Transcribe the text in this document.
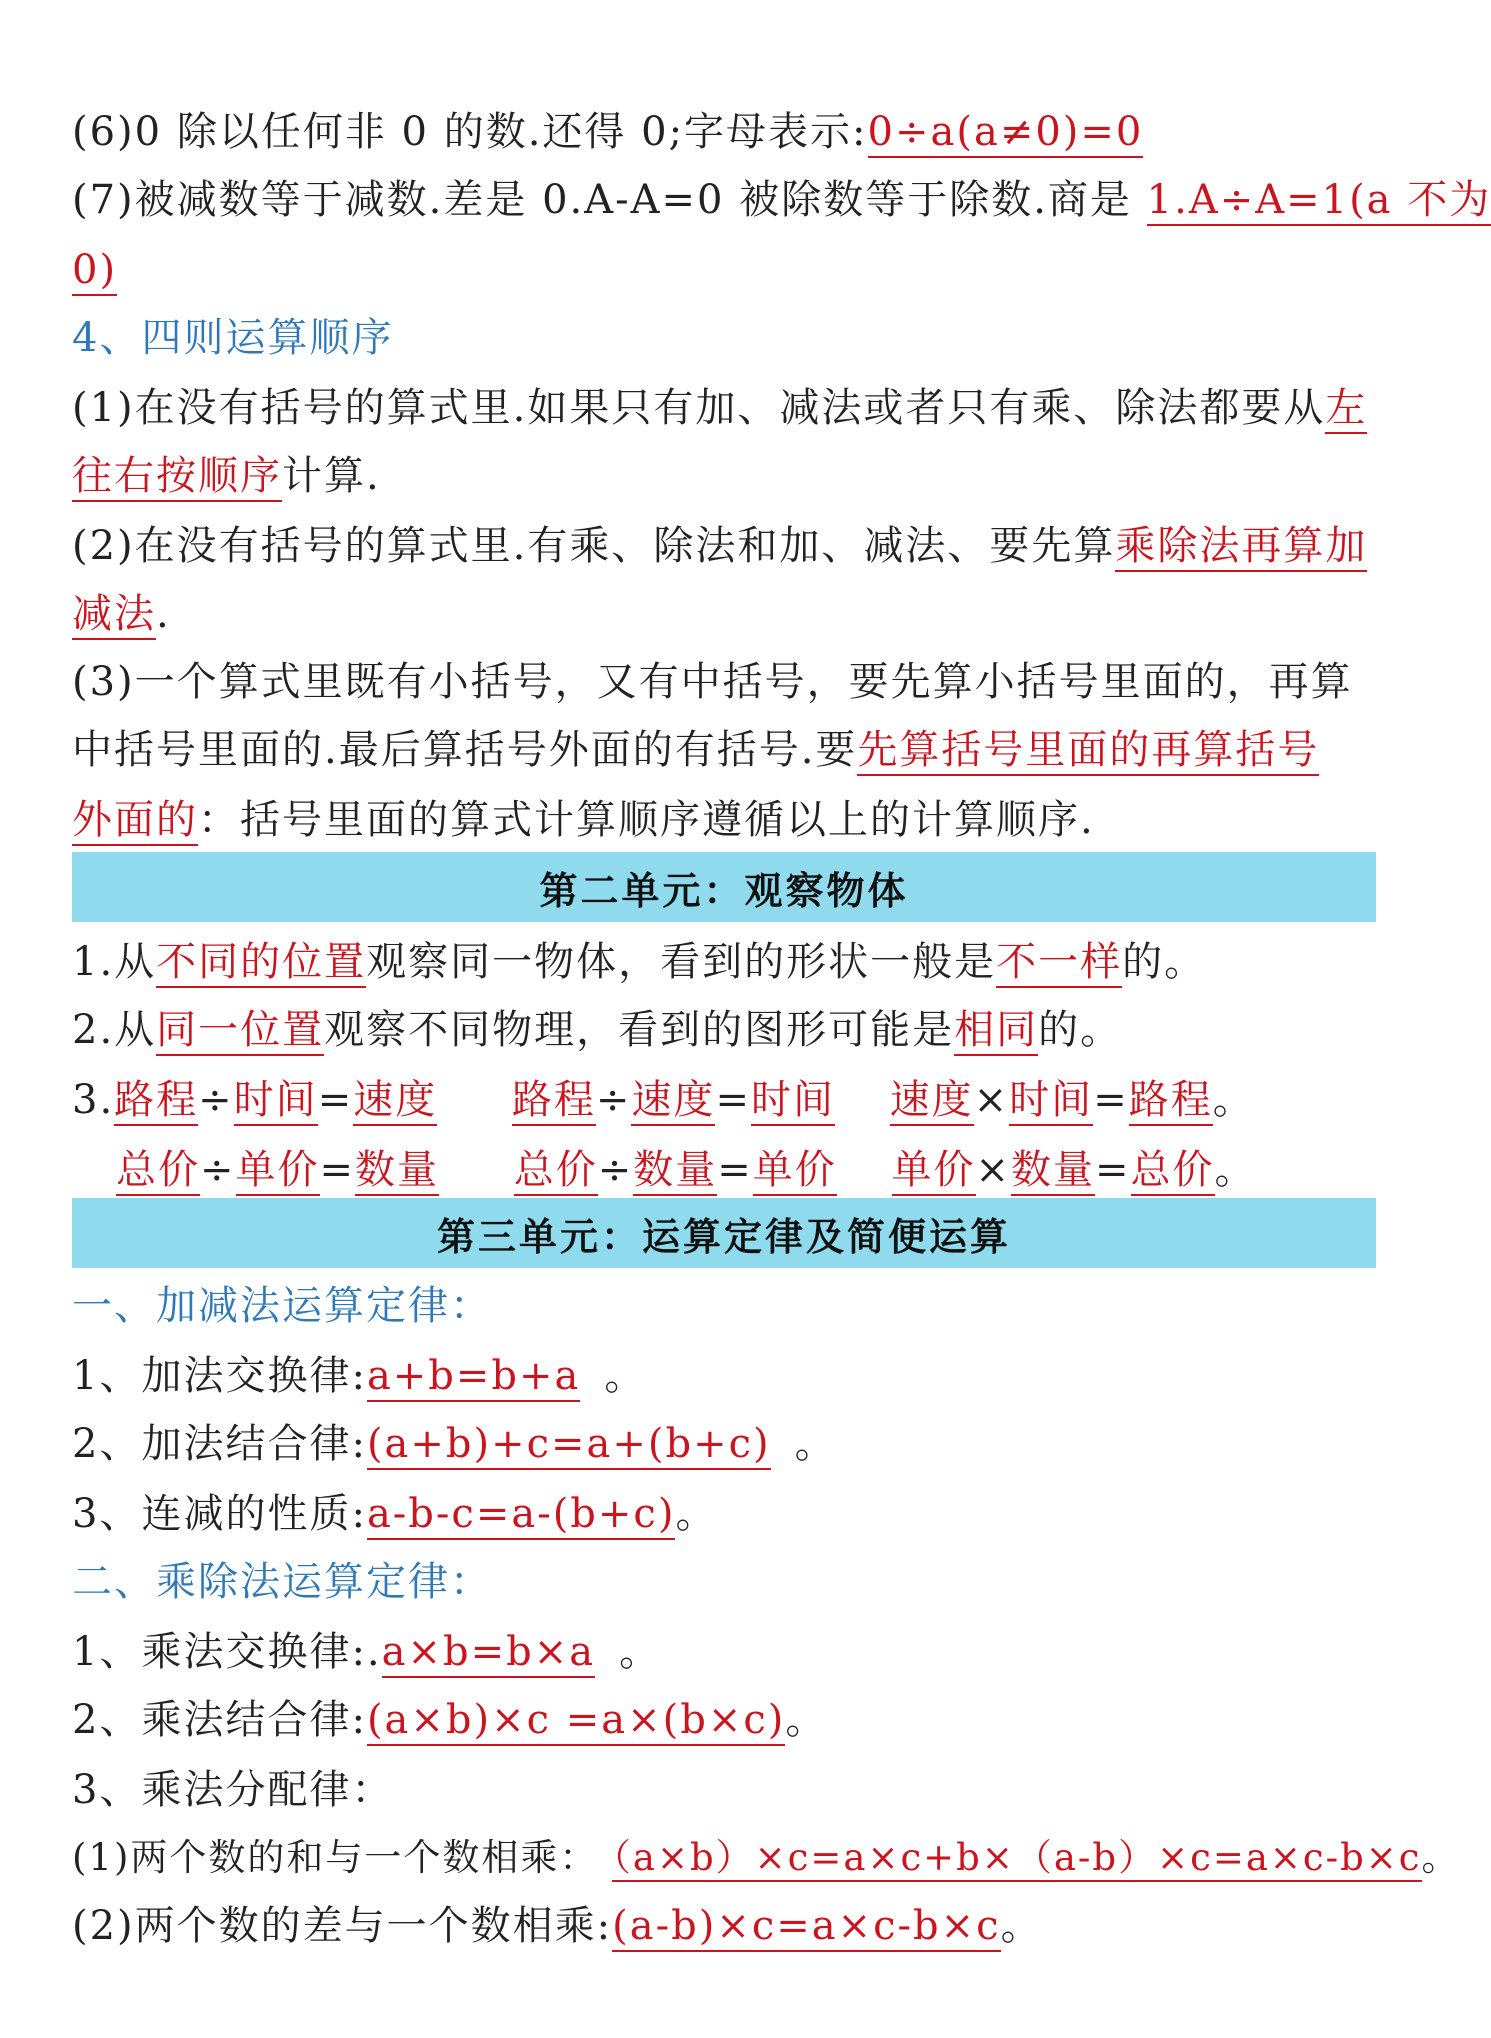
(6)0 除以任何非 0 的数.还得 0;字母表示:0÷a(a≠0)=0
(7)被减数等于减数.差是 0.A-A=0 被除数等于除数.商是 1.A÷A=1(a 不为
0)
4、四则运算顺序
(1)在没有括号的算式里.如果只有加、减法或者只有乘、除法都要从左
往右按顺序计算.
(2)在没有括号的算式里.有乘、除法和加、减法、要先算乘除法再算加
减法.
(3)一个算式里既有小括号，又有中括号，要先算小括号里面的，再算
中括号里面的.最后算括号外面的有括号.要先算括号里面的再算括号
外面的：括号里面的算式计算顺序遵循以上的计算顺序.
第二单元：观察物体
1.从不同的位置观察同一物体，看到的形状一般是不一样的。
2.从同一位置观察不同物理，看到的图形可能是相同的。
3.路程÷时间=速度 路程÷速度=时间 速度×时间=路程。
总价÷单价=数量 总价÷数量=单价 单价×数量=总价。
第三单元：运算定律及简便运算
一、加减法运算定律：
1、加法交换律:a+b=b+a 。
2、加法结合律:(a+b)+c=a+(b+c) 。
3、连减的性质:a-b-c=a-(b+c)。
二、乘除法运算定律：
1、乘法交换律:.a×b=b×a 。
2、乘法结合律:(a×b)×c =a×(b×c)。
3、乘法分配律：
(1)两个数的和与一个数相乘： （a×b）×c=a×c+b×（a-b）×c=a×c-b×c。
(2)两个数的差与一个数相乘:(a-b)×c=a×c-b×c。
